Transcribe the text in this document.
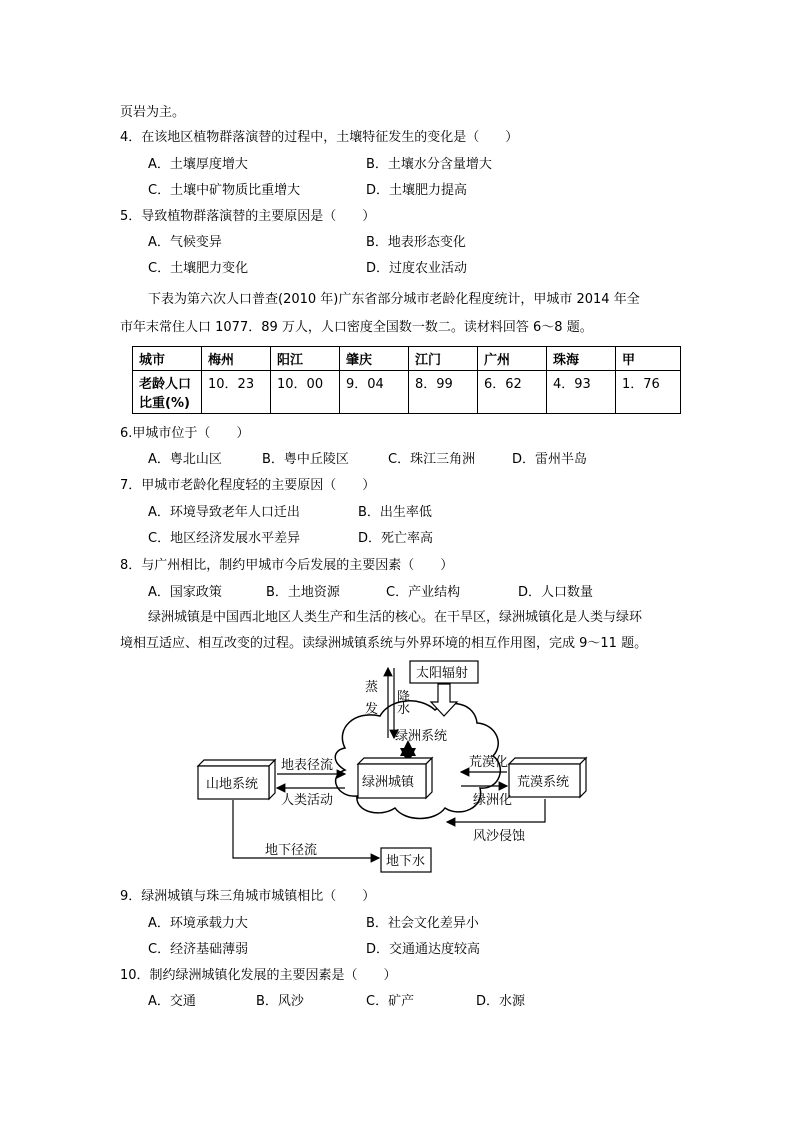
页岩为主。
4．在该地区植物群落演替的过程中，土壤特征发生的变化是（　　）
A．土壤厚度增大	B．土壤水分含量增大
C．土壤中矿物质比重增大	D．土壤肥力提高
5．导致植物群落演替的主要原因是（　　）
A．气候变异	B．地表形态变化
C．土壤肥力变化	D．过度农业活动
下表为第六次人口普查(2010 年)广东省部分城市老龄化程度统计，甲城市 2014 年全
市年末常住人口 1077．89 万人，人口密度全国数一数二。读材料回答 6～8 题。
城市	梅州	阳江	肇庆	江门	广州	珠海	甲

老龄人口
比重(%)	10．23	10．00	9．04	8．99	6．62	4．93	1．76
6.甲城市位于（　　）
A．粤北山区	B．粤中丘陵区	C．珠江三角洲	D．雷州半岛
7．甲城市老龄化程度轻的主要原因（　　）
A．环境导致老年人口迁出	B．出生率低
C．地区经济发展水平差异	D．死亡率高
8．与广州相比，制约甲城市今后发展的主要因素（　　）
A．国家政策	B．土地资源	C．产业结构	D．人口数量
绿洲城镇是中国西北地区人类生产和生活的核心。在干旱区，绿洲城镇化是人类与绿环
境相互适应、相互改变的过程。读绿洲城镇系统与外界环境的相互作用图，完成 9～11 题。
太阳辐射
蒸
发
降
水
绿洲系统
绿洲城镇
山地系统	荒漠系统
地表径流
人类活动
荒漠化
绿洲化
风沙侵蚀
地下径流
地下水
9．绿洲城镇与珠三角城市城镇相比（　　）
A．环境承载力大	B．社会文化差异小
C．经济基础薄弱	D．交通通达度较高
10．制约绿洲城镇化发展的主要因素是（　　）
A．交通	B．风沙	C．矿产	D．水源
